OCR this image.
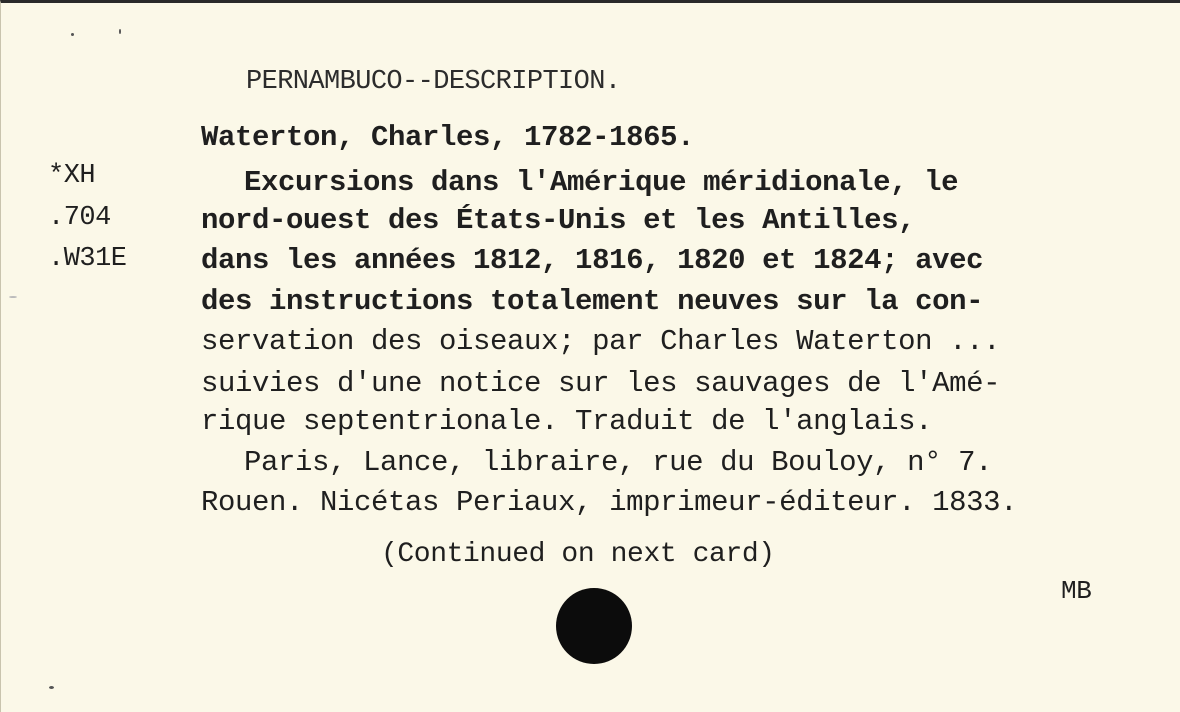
*XH
.704
.W31E
PERNAMBUCO--DESCRIPTION.
Waterton, Charles, 1782-1865.
Excursions dans l'Amérique méridionale, le
nord-ouest des États-Unis et les Antilles,
dans les années 1812, 1816, 1820 et 1824; avec
des instructions totalement neuves sur la con-
servation des oiseaux; par Charles Waterton ...
suivies d'une notice sur les sauvages de l'Amé-
rique septentrionale. Traduit de l'anglais.
Paris, Lance, libraire, rue du Bouloy, n° 7.
Rouen. Nicétas Periaux, imprimeur-éditeur. 1833.
(Continued on next card)
MB
